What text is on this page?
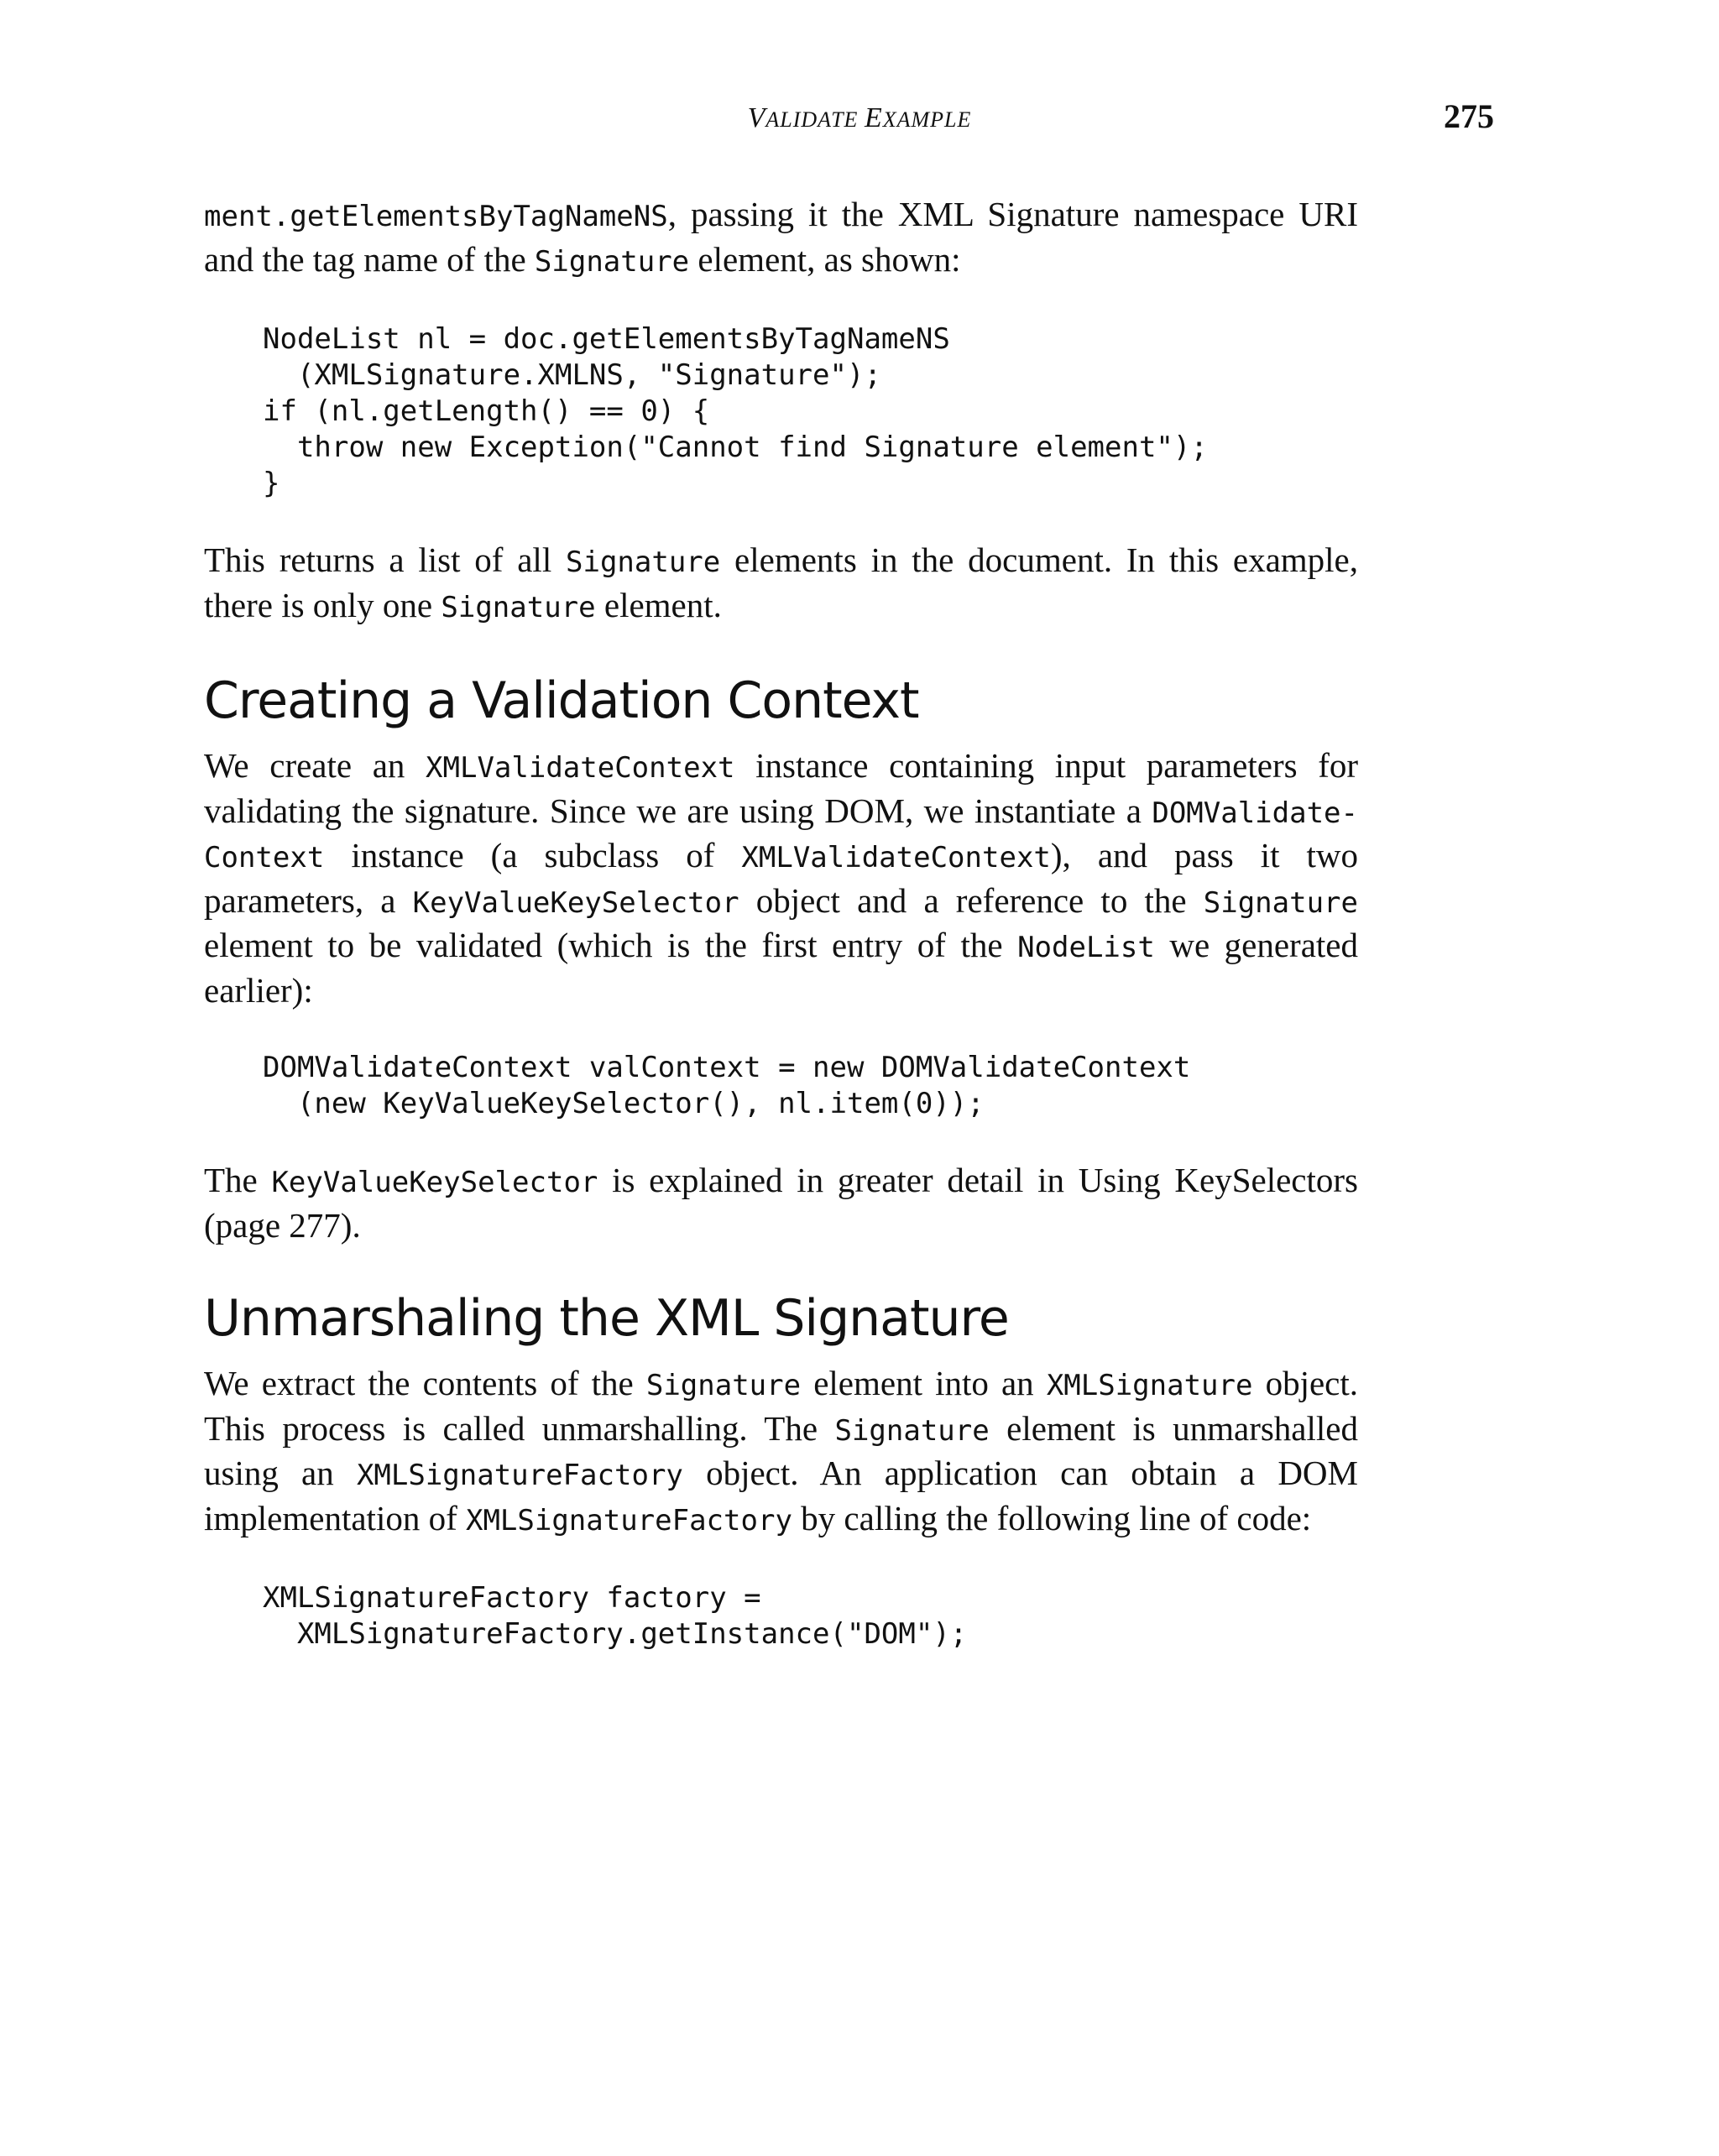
VALIDATE EXAMPLE	275

ment.getElementsByTagNameNS, passing it the XML Signature namespace URI and the tag name of the Signature element, as shown:

NodeList nl = doc.getElementsByTagNameNS
(XMLSignature.XMLNS, "Signature");
if (nl.getLength() == 0) {
throw new Exception("Cannot find Signature element");
}

This returns a list of all Signature elements in the document. In this example, there is only one Signature element.

Creating a Validation Context

We create an XMLValidateContext instance containing input parameters for validating the signature. Since we are using DOM, we instantiate a DOMValidate-Context instance (a subclass of XMLValidateContext), and pass it two parameters, a KeyValueKeySelector object and a reference to the Signature element to be validated (which is the first entry of the NodeList we generated earlier):

DOMValidateContext valContext = new DOMValidateContext
(new KeyValueKeySelector(), nl.item(0));

The KeyValueKeySelector is explained in greater detail in Using KeySelectors (page 277).

Unmarshaling the XML Signature

We extract the contents of the Signature element into an XMLSignature object. This process is called unmarshalling. The Signature element is unmarshalled using an XMLSignatureFactory object. An application can obtain a DOM implementation of XMLSignatureFactory by calling the following line of code:

XMLSignatureFactory factory =
XMLSignatureFactory.getInstance("DOM");
